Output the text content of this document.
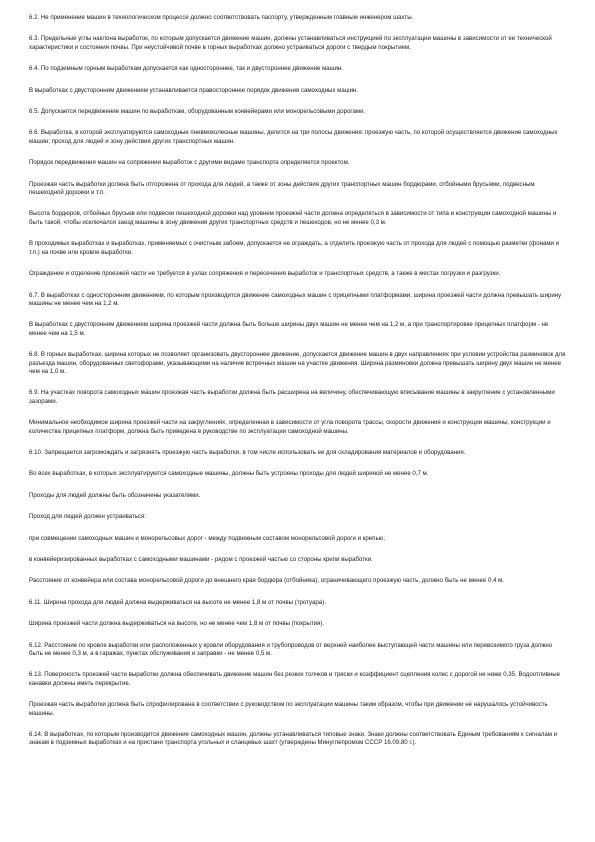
6.2. Не применение машин в технологическом процессе должно соответствовать паспорту, утвержденным главным инженером шахты.

6.3. Предельные углы наклона выработок, по которым допускается движение машин, должны устанавливаться инструкцией по эксплуатации машины в зависимости от ее технической характеристики и состояния почвы. При неустойчивой почве в горных выработках должно устраиваться дороги с твердым покрытием.

6.4. По подземным горным выработкам допускается как одностороннее, так и двустороннее движение машин.

В выработках с двусторонним движением устанавливается правостороннее порядок движения самоходных машин.

6.5. Допускается передвижение машин по выработкам, оборудованным конвейерами или монорельсовыми дорогами.

6.6. Выработка, в которой эксплуатируются самоходные пневмоколесные машины, делится на три полосы движения: проезжую часть, по которой осуществляется движение самоходных машин; проход для людей и зону действия других транспортных машин.

Порядок передвижения машин на сопряжении выработок с другими видами транспорта определяется проектом.

Проезжая часть выработки должна быть отгорожена от прохода для людей, а также от зоны действия других транспортных машин бордюрами, отбойными брусьями, подвесным пешеходной дорожки и т.п.

Высота бордюров, отбойных брусьев или подвески пешеходной дорожки над уровнем проезжей части должна определяться в зависимости от типа и конструкции самоходной машины и быть такой, чтобы исключался заезд машины в зону движения других транспортных средств и пешеходов, но не менее 0,3 м.

В проходимых выработках и выработках, применяемых с очистным забоем, допускается не ограждать, а отделить проезжую часть от прохода для людей с помощью разметки (фонами и т.п.) на почве или кровле выработки.

Ограждение и отделение проезжей части не требуется в узлах сопряжения и пересечения выработок и транспортных средств, а также в местах погрузки и разгрузки.

6.7. В выработках с односторонним движением, по которым производится движение самоходных машин с прицепными платформами, ширина проезжей части должна превышать ширину машины не менее чем на 1,2 м.

В выработках с двусторонним движением ширина проезжей части должна быть больше ширины двух машин не менее чем на 1,2 м, а при транспортировке прицепных платформ - не менее чем на 1,5 м.

6.8. В горных выработках, ширина которых не позволяет организовать двустороннее движение, допускается движение машин в двух направлениях при условии устройства разминовок для разъезда машин, оборудованных светофорами, указывающими на наличие встречных машин на участке движения. Ширина разминовки должна превышать ширину двух машин не менее чем на 1,0 м.

6.9. На участках поворота самоходных машин проезжая часть выработки должна быть расширена на величину, обеспечивающую вписывание машины в закругление с установленными зазорами.

Минимальное необходимое ширина проезжей части на закруглениях, определенная в зависимости от угла поворота трассы, скорости движения и конструкции машины, конструкции и количества прицепных платформ, должна быть приведена в руководстве по эксплуатации самоходной машины.

6.10. Запрещается загромождать и загрязнять проезжую часть выработки, в том числе использовать ее для складирования материалов и оборудования.

Во всех выработках, в которых эксплуатируются самоходные машины, должны быть устроены проходы для людей шириной не менее 0,7 м.

Проходы для людей должны быть обозначены указателями.

Проход для людей должен устраиваться:

при совмещении самоходных машин и монорельсовых дорог - между подвижным составом монорельсовой дороги и крепью;

в конвейеризированных выработках с самоходными машинами - рядом с проезжей частью со стороны крепи выработки.

Расстояние от конвейера или состава монорельсовой дороги до внешнего края бордюра (отбойника), ограничивающего проезжую часть, должно быть не менее 0,4 м.

6.11. Ширина прохода для людей должна выдерживаться на высоте не менее 1,8 м от почвы (тротуара).

Ширина проезжей части должна выдерживаться на высоте, но не менее чем 1,8 м от почвы (покрытия).

6.12. Расстояние по кровле выработки или расположенных у кровли оборудования и трубопроводов от верхней наиболее выступающей части машины или перевозимого груза должно быть не менее 0,3 м, а в гаражах, пунктах обслуживания и заправки - не менее 0,5 м.

6.13. Поверхность проезжей части выработки должна обеспечивать движение машин без резких толчков и тряски и коэффициент сцепления колес с дорогой не ниже 0,35. Водоотливные канавки должны иметь перекрытие.

Проезжая часть выработки должна быть спрофилирована в соответствии с руководством по эксплуатации машины таким образом, чтобы при движении не нарушалось устойчивость машины.

6.14. В выработках, по которым производится движение самоходных машин, должны устанавливаться типовые знаки. Знаки должны соответствовать Единым требованиям к сигналам и знакам в подземных выработках и на пристани транспорта угольных и сланцевых шахт (утверждены Минуглепромом СССР 16.09.80 г.).
